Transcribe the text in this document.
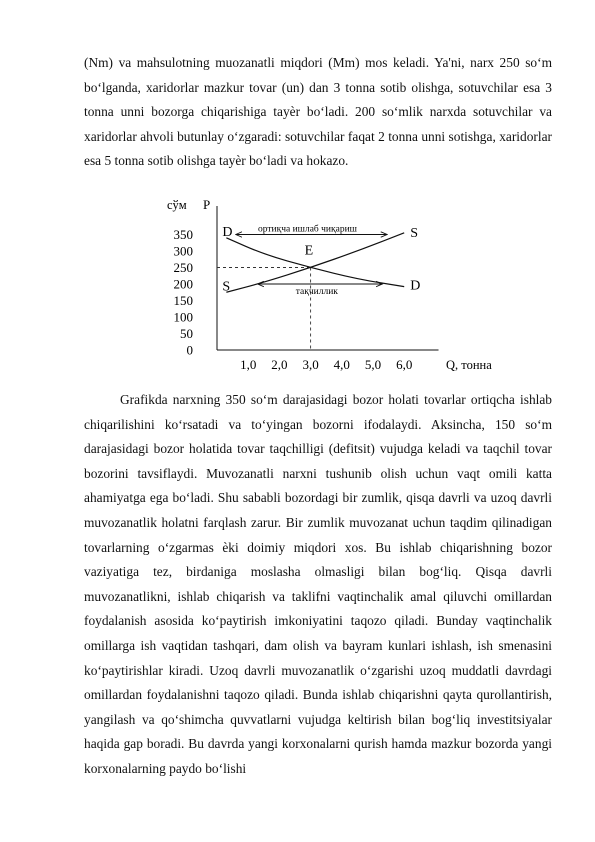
(Nm) va mahsulotning muozanatli miqdori (Mm) mos keladi. Ya'ni, narx 250 so‘m bo‘lganda, xaridorlar mazkur tovar (un) dan 3 tonna sotib olishga, sotuvchilar esa 3 tonna unni bozorga chiqarishiga tayѐr bo‘ladi. 200 so‘mlik narxda sotuvchilar va xaridorlar ahvoli butunlay o‘zgaradi: sotuvchilar faqat 2 tonna unni sotishga, xaridorlar esa 5 tonna sotib olishga tayѐr bo‘ladi va hokazo.
сўм P
Q, тонна
350
300
250
200
150
100
50
0
1,0 2,0 3,0 4,0 5,0 6,0
ортиқча ишлаб чиқариш
тақчиллик
D
D
S
S
E
Grafikda narxning 350 so‘m darajasidagi bozor holati tovarlar ortiqcha ishlab chiqarilishini ko‘rsatadi va to‘yingan bozorni ifodalaydi. Aksincha, 150 so‘m darajasidagi bozor holatida tovar taqchilligi (defitsit) vujudga keladi va taqchil tovar bozorini tavsiflaydi. Muvozanatli narxni tushunib olish uchun vaqt omili katta ahamiyatga ega bo‘ladi. Shu sababli bozordagi bir zumlik, qisqa davrli va uzoq davrli muvozanatlik holatni farqlash zarur. Bir zumlik muvozanat uchun taqdim qilinadigan tovarlarning o‘zgarmas ѐki doimiy miqdori xos. Bu ishlab chiqarishning bozor vaziyatiga tez, birdaniga moslasha olmasligi bilan bog‘liq. Qisqa davrli muvozanatlikni, ishlab chiqarish va taklifni vaqtinchalik amal qiluvchi omillardan foydalanish asosida ko‘paytirish imkoniyatini taqozo qiladi. Bunday vaqtinchalik omillarga ish vaqtidan tashqari, dam olish va bayram kunlari ishlash, ish smenasini ko‘paytirishlar kiradi. Uzoq davrli muvozanatlik o‘zgarishi uzoq muddatli davrdagi omillardan foydalanishni taqozo qiladi. Bunda ishlab chiqarishni qayta qurollantirish, yangilash va qo‘shimcha quvvatlarni vujudga keltirish bilan bog‘liq investitsiyalar haqida gap boradi. Bu davrda yangi korxonalarni qurish hamda mazkur bozorda yangi korxonalarning paydo bo‘lishi
